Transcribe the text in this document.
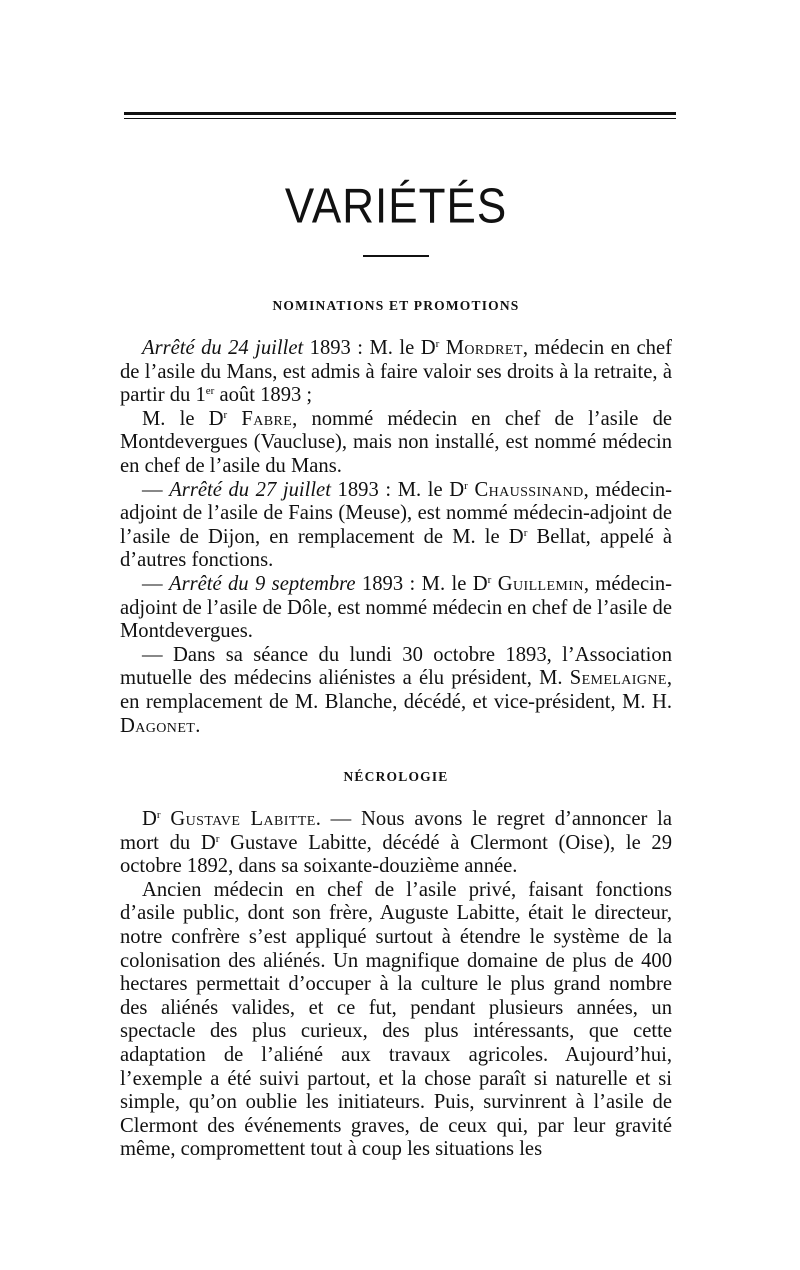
VARIÉTÉS
NOMINATIONS ET PROMOTIONS

Arrêté du 24 juillet 1893 : M. le $D^r$ Mordret, médecin en chef de l’asile du Mans, est admis à faire valoir ses droits à la retraite, à partir du 1er août 1893 ;

M. le $D^r$ Fabre, nommé médecin en chef de l’asile de Montdevergues (Vaucluse), mais non installé, est nommé médecin en chef de l’asile du Mans.

— Arrêté du 27 juillet 1893 : M. le $D^r$ Chaussinand, médecin-adjoint de l’asile de Fains (Meuse), est nommé médecin-adjoint de l’asile de Dijon, en remplacement de M. le $D^r$ Bellat, appelé à d’autres fonctions.

— Arrêté du 9 septembre 1893 : M. le $D^r$ Guillemin, médecin-adjoint de l’asile de Dôle, est nommé médecin en chef de l’asile de Montdevergues.

— Dans sa séance du lundi 30 octobre 1893, l’Association mutuelle des médecins aliénistes a élu président, M. Semelaigne, en remplacement de M. Blanche, décédé, et vice-président, M. H. Dagonet.

NÉCROLOGIE

$D^r$ Gustave Labitte. — Nous avons le regret d’annoncer la mort du $D^r$ Gustave Labitte, décédé à Clermont (Oise), le 29 octobre 1892, dans sa soixante-douzième année.

Ancien médecin en chef de l’asile privé, faisant fonctions d’asile public, dont son frère, Auguste Labitte, était le directeur, notre confrère s’est appliqué surtout à étendre le système de la colonisation des aliénés. Un magnifique domaine de plus de 400 hectares permettait d’occuper à la culture le plus grand nombre des aliénés valides, et ce fut, pendant plusieurs années, un spectacle des plus curieux, des plus intéressants, que cette adaptation de l’aliéné aux travaux agricoles. Aujourd’hui, l’exemple a été suivi partout, et la chose paraît si naturelle et si simple, qu’on oublie les initiateurs. Puis, survinrent à l’asile de Clermont des événements graves, de ceux qui, par leur gravité même, compromettent tout à coup les situations les
